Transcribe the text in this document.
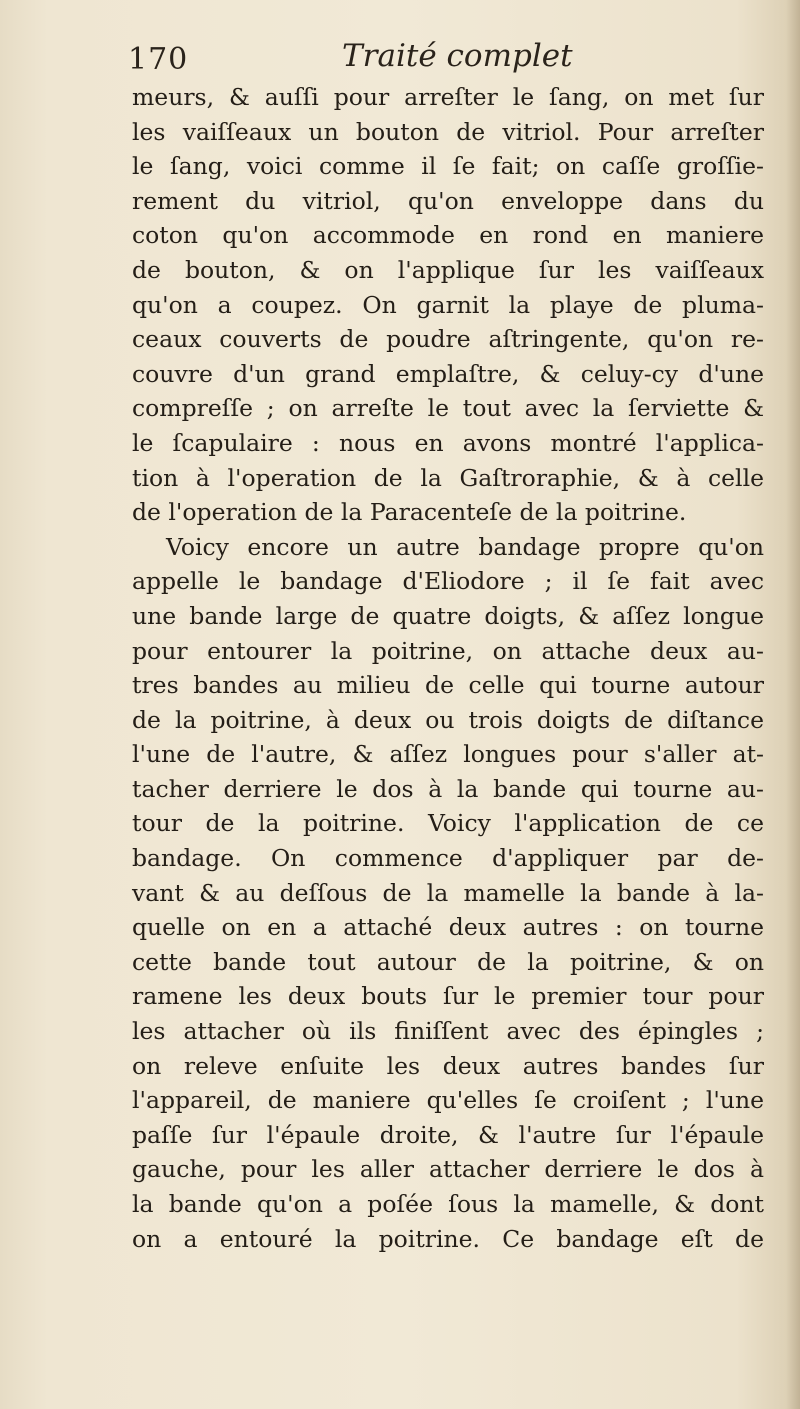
170	Traité complet
meurs, & auſſi pour arreſter le ſang, on met ſur
les vaiſſeaux un bouton de vitriol. Pour arreſter
le ſang, voici comme il ſe fait; on caſſe groſſie-
rement du vitriol, qu'on enveloppe dans du
coton qu'on accommode en rond en maniere
de bouton, & on l'applique ſur les vaiſſeaux
qu'on a coupez. On garnit la playe de pluma-
ceaux couverts de poudre aſtringente, qu'on re-
couvre d'un grand emplaſtre, & celuy-cy d'une
compreſſe ; on arreſte le tout avec la ſerviette &
le ſcapulaire : nous en avons montré l'applica-
tion à l'operation de la Gaſtroraphie, & à celle
de l'operation de la Paracenteſe de la poitrine.
Voicy encore un autre bandage propre qu'on
appelle le bandage d'Eliodore ; il ſe fait avec
une bande large de quatre doigts, & aſſez longue
pour entourer la poitrine, on attache deux au-
tres bandes au milieu de celle qui tourne autour
de la poitrine, à deux ou trois doigts de diſtance
l'une de l'autre, & aſſez longues pour s'aller at-
tacher derriere le dos à la bande qui tourne au-
tour de la poitrine. Voicy l'application de ce
bandage. On commence d'appliquer par de-
vant & au deſſous de la mamelle la bande à la-
quelle on en a attaché deux autres : on tourne
cette bande tout autour de la poitrine, & on
ramene les deux bouts ſur le premier tour pour
les attacher où ils finiſſent avec des épingles ;
on releve enſuite les deux autres bandes ſur
l'appareil, de maniere qu'elles ſe croiſent ; l'une
paſſe ſur l'épaule droite, & l'autre ſur l'épaule
gauche, pour les aller attacher derriere le dos à
la bande qu'on a poſée ſous la mamelle, & dont
on a entouré la poitrine. Ce bandage eſt de
